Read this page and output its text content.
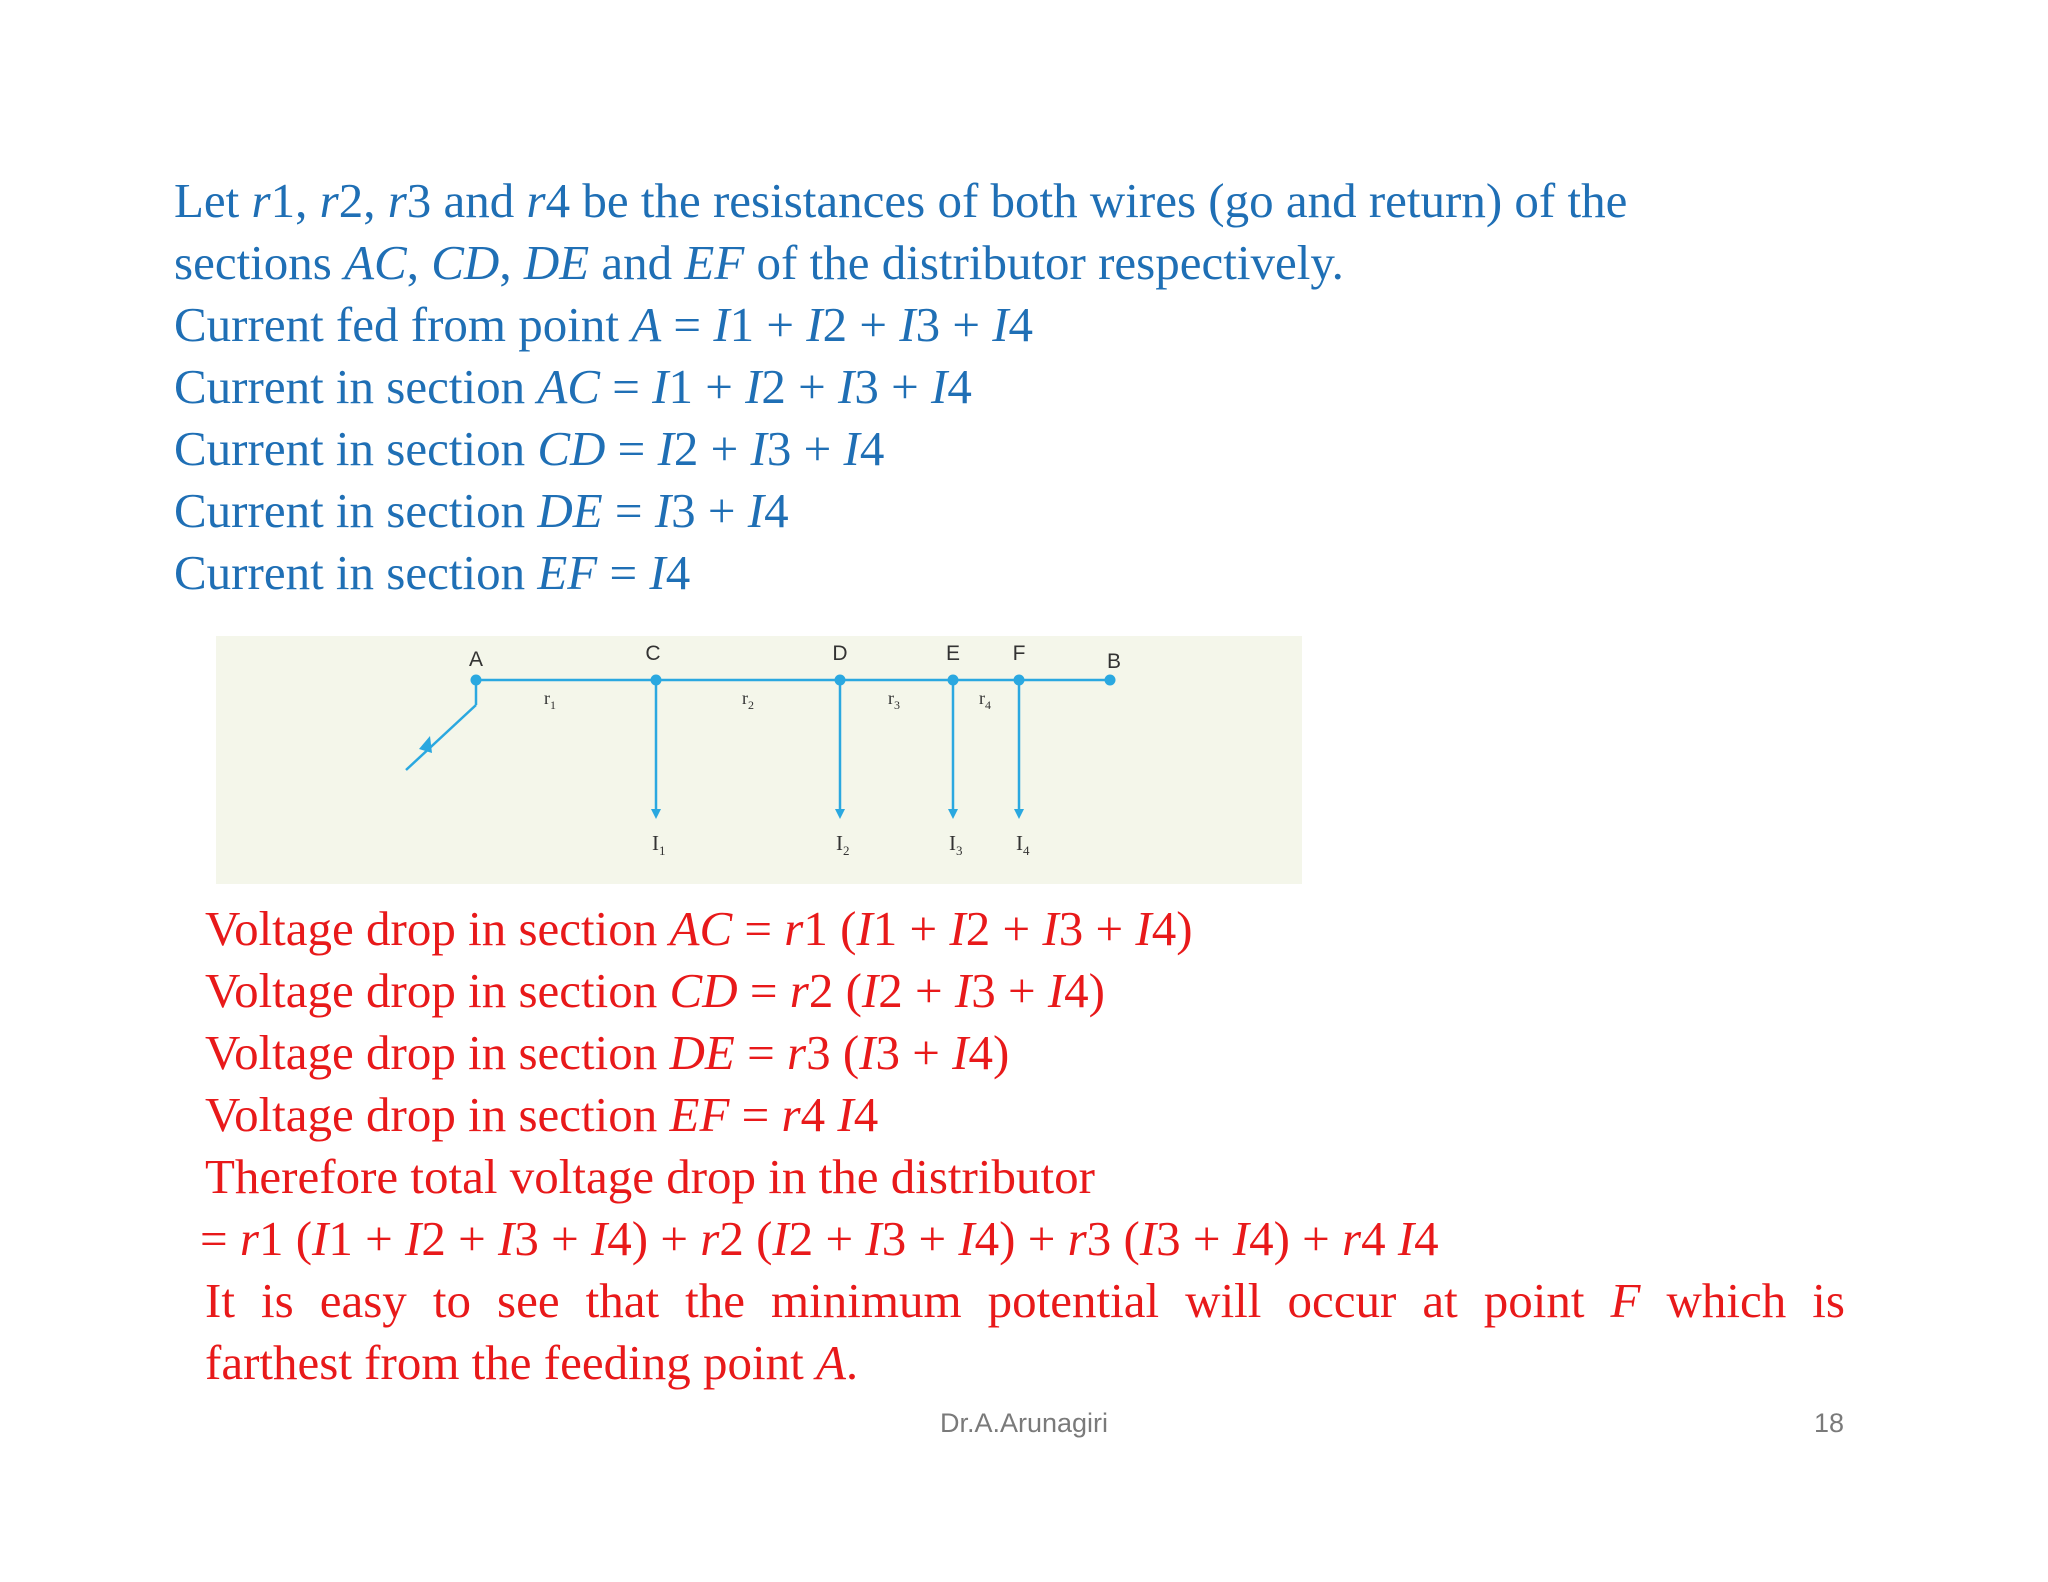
Let r1, r2, r3 and r4 be the resistances of both wires (go and return) of the
sections AC, CD, DE and EF of the distributor respectively.
Current fed from point A = I1 + I2 + I3 + I4
Current in section AC = I1 + I2 + I3 + I4
Current in section CD = I2 + I3 + I4
Current in section DE = I3 + I4
Current in section EF = I4
A	C	D	E	F	B
$r_1$	$r_2$	$r_3$	$r_4$
$I_1$	$I_2$	$I_3$	$I_4$
Voltage drop in section AC = r1 (I1 + I2 + I3 + I4)
Voltage drop in section CD = r2 (I2 + I3 + I4)
Voltage drop in section DE = r3 (I3 + I4)
Voltage drop in section EF = r4 I4
Therefore total voltage drop in the distributor
= r1 (I1 + I2 + I3 + I4) + r2 (I2 + I3 + I4) + r3 (I3 + I4) + r4 I4
It is easy to see that the minimum potential will occur at point F which is
farthest from the feeding point A.
Dr.A.Arunagiri	18
